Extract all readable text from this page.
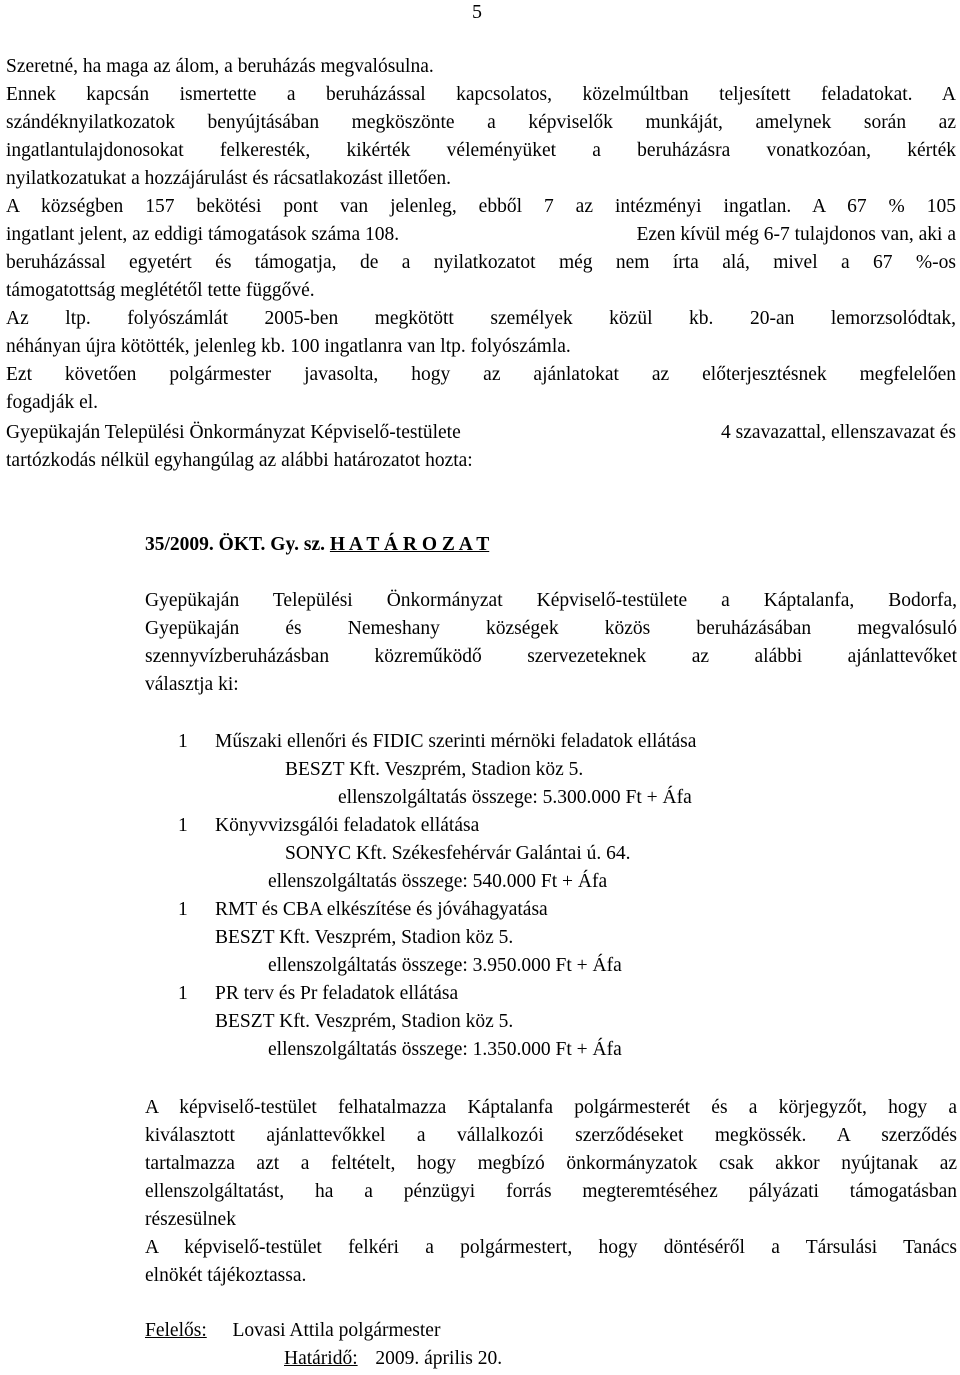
5
Szeretné, ha maga az álom, a beruházás megvalósulna.
Ennek kapcsán ismertette a beruházással kapcsolatos, közelmúltban teljesített feladatokat. A
szándéknyilatkozatok benyújtásában megköszönte a képviselők munkáját, amelynek során az
ingatlantulajdonosokat felkeresték, kikérték véleményüket a beruházásra vonatkozóan, kérték
nyilatkozatukat a hozzájárulást és rácsatlakozást illetően.
A községben 157 bekötési pont van jelenleg, ebből 7 az intézményi ingatlan. A 67 % 105
ingatlant jelent, az eddigi támogatások száma 108.	Ezen kívül még 6-7 tulajdonos van, aki a
beruházással egyetért és támogatja, de a nyilatkozatot még nem írta alá, mivel a 67 %-os
támogatottság meglététől tette függővé.
Az ltp. folyószámlát 2005-ben megkötött személyek közül kb. 20-an lemorzsolódtak,
néhányan újra kötötték, jelenleg kb. 100 ingatlanra van ltp. folyószámla.
Ezt követően polgármester javasolta, hogy az ajánlatokat az előterjesztésnek megfelelően
fogadják el.
Gyepükaján Települési Önkormányzat Képviselő-testülete	4 szavazattal, ellenszavazat és
tartózkodás nélkül egyhangúlag az alábbi határozatot hozta:
35/2009. ÖKT. Gy. sz. H A T Á R O Z A T
Gyepükaján Települési Önkormányzat Képviselő-testülete a Káptalanfa, Bodorfa,
Gyepükaján és Nemeshany községek közös beruházásában megvalósuló
szennyvízberuházásban közreműködő szervezeteknek az alábbi ajánlattevőket
választja ki:
1 Műszaki ellenőri és FIDIC szerinti mérnöki feladatok ellátása
BESZT Kft. Veszprém, Stadion köz 5.
ellenszolgáltatás összege: 5.300.000 Ft + Áfa
1 Könyvvizsgálói feladatok ellátása
SONYC Kft. Székesfehérvár Galántai ú. 64.
ellenszolgáltatás összege: 540.000 Ft + Áfa
1 RMT és CBA elkészítése és jóváhagyatása
BESZT Kft. Veszprém, Stadion köz 5.
ellenszolgáltatás összege: 3.950.000 Ft + Áfa
1 PR terv és Pr feladatok ellátása
BESZT Kft. Veszprém, Stadion köz 5.
ellenszolgáltatás összege: 1.350.000 Ft + Áfa
A képviselő-testület felhatalmazza Káptalanfa polgármesterét és a körjegyzőt, hogy a
kiválasztott ajánlattevőkkel a vállalkozói szerződéseket megkössék. A szerződés
tartalmazza azt a feltételt, hogy megbízó önkormányzatok csak akkor nyújtanak az
ellenszolgáltatást, ha a pénzügyi forrás megteremtéséhez pályázati támogatásban
részesülnek
A képviselő-testület felkéri a polgármestert, hogy döntéséről a Társulási Tanács
elnökét tájékoztassa.
Felelős: Lovasi Attila polgármester
Határidő: 2009. április 20.
